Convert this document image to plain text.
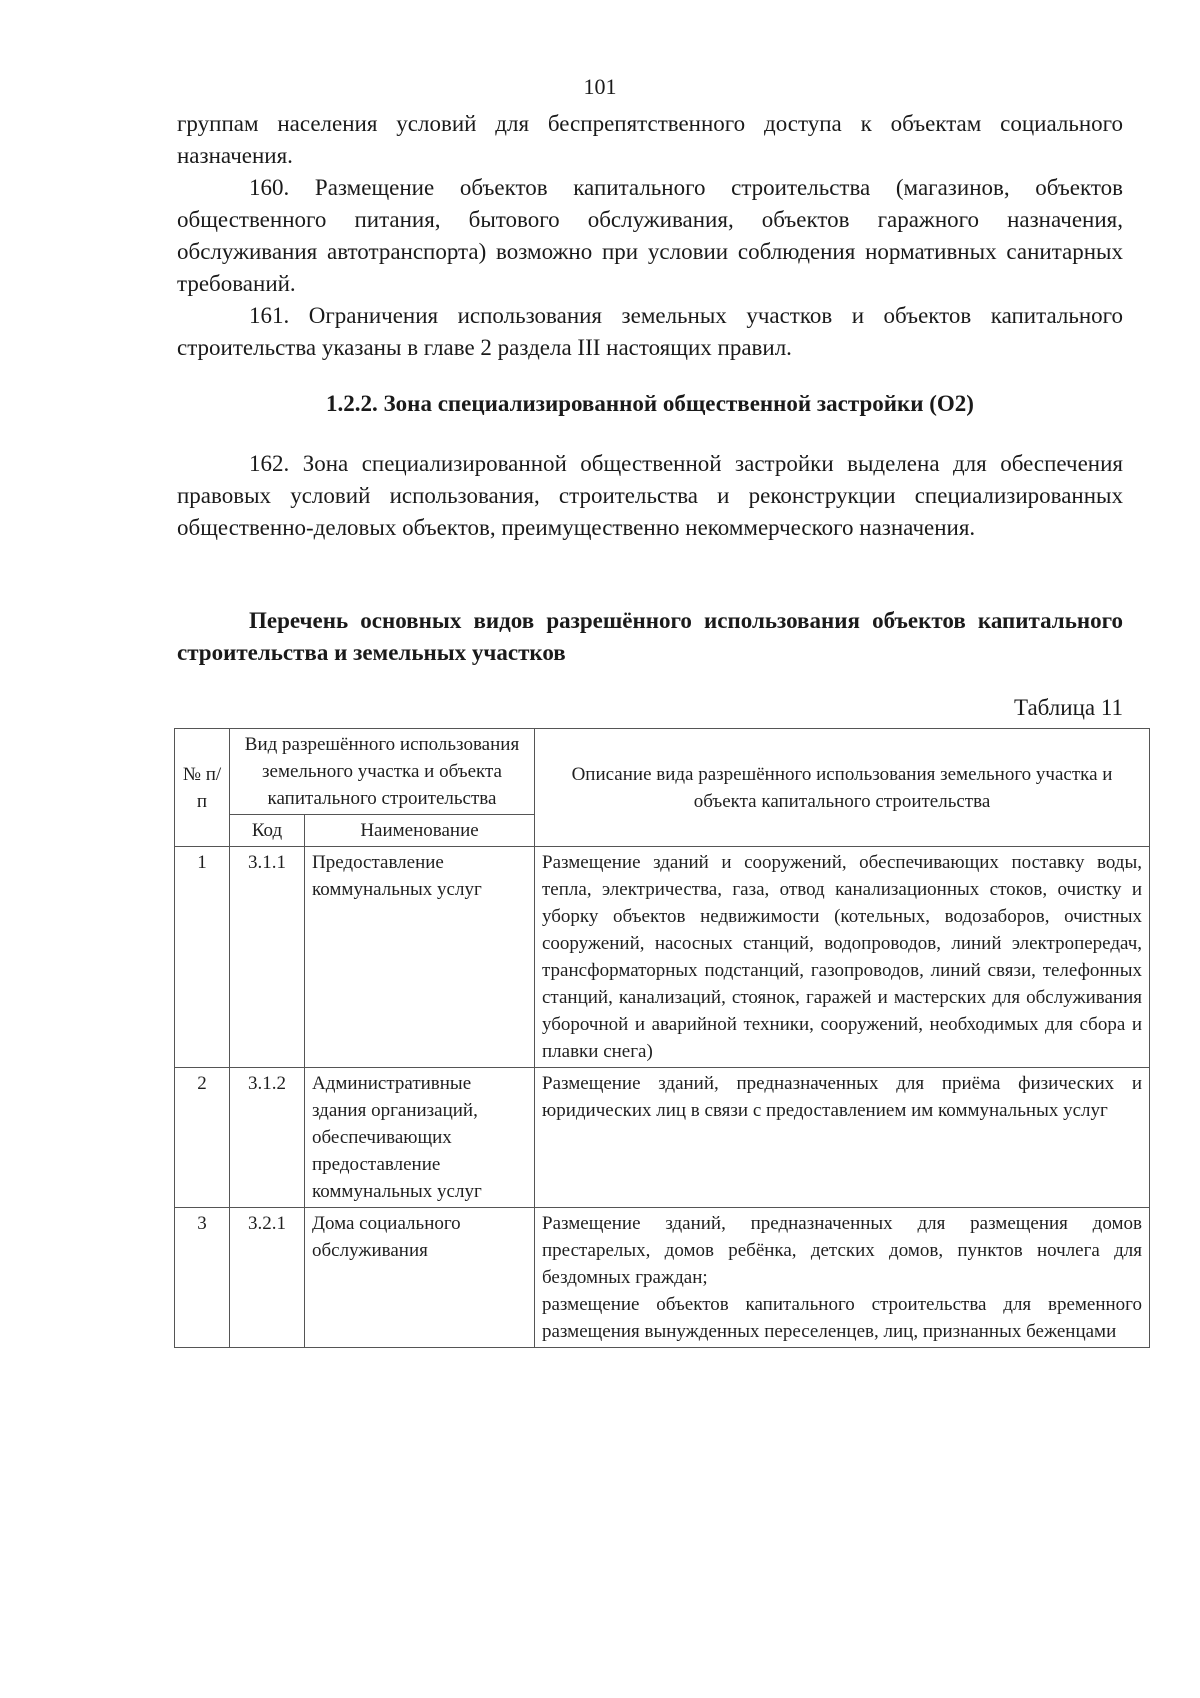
101
группам населения условий для беспрепятственного доступа к объектам социального назначения.
160. Размещение объектов капитального строительства (магазинов, объектов общественного питания, бытового обслуживания, объектов гаражного назначения, обслуживания автотранспорта) возможно при условии соблюдения нормативных санитарных требований.
161. Ограничения использования земельных участков и объектов капитального строительства указаны в главе 2 раздела III настоящих правил.
1.2.2. Зона специализированной общественной застройки (О2)
162. Зона специализированной общественной застройки выделена для обеспечения правовых условий использования, строительства и реконструкции специализированных общественно-деловых объектов, преимущественно некоммерческого назначения.
Перечень основных видов разрешённого использования объектов капитального строительства и земельных участков
Таблица 11
№ п/п	Вид разрешённого использования земельного участка и объекта капитального строительства		Описание вида разрешённого использования земельного участка и объекта капитального строительства
	Код	Наименование	
1	3.1.1	Предоставление коммунальных услуг	Размещение зданий и сооружений, обеспечивающих поставку воды, тепла, электричества, газа, отвод канализационных стоков, очистку и уборку объектов недвижимости (котельных, водозаборов, очистных сооружений, насосных станций, водопроводов, линий электропередач, трансформаторных подстанций, газопроводов, линий связи, телефонных станций, канализаций, стоянок, гаражей и мастерских для обслуживания уборочной и аварийной техники, сооружений, необходимых для сбора и плавки снега)
2	3.1.2	Административные здания организаций, обеспечивающих предоставление коммунальных услуг	Размещение зданий, предназначенных для приёма физических и юридических лиц в связи с предоставлением им коммунальных услуг
3	3.2.1	Дома социального обслуживания	Размещение зданий, предназначенных для размещения домов престарелых, домов ребёнка, детских домов, пунктов ночлега для бездомных граждан;
размещение объектов капитального строительства для временного размещения вынужденных переселенцев, лиц, признанных беженцами
